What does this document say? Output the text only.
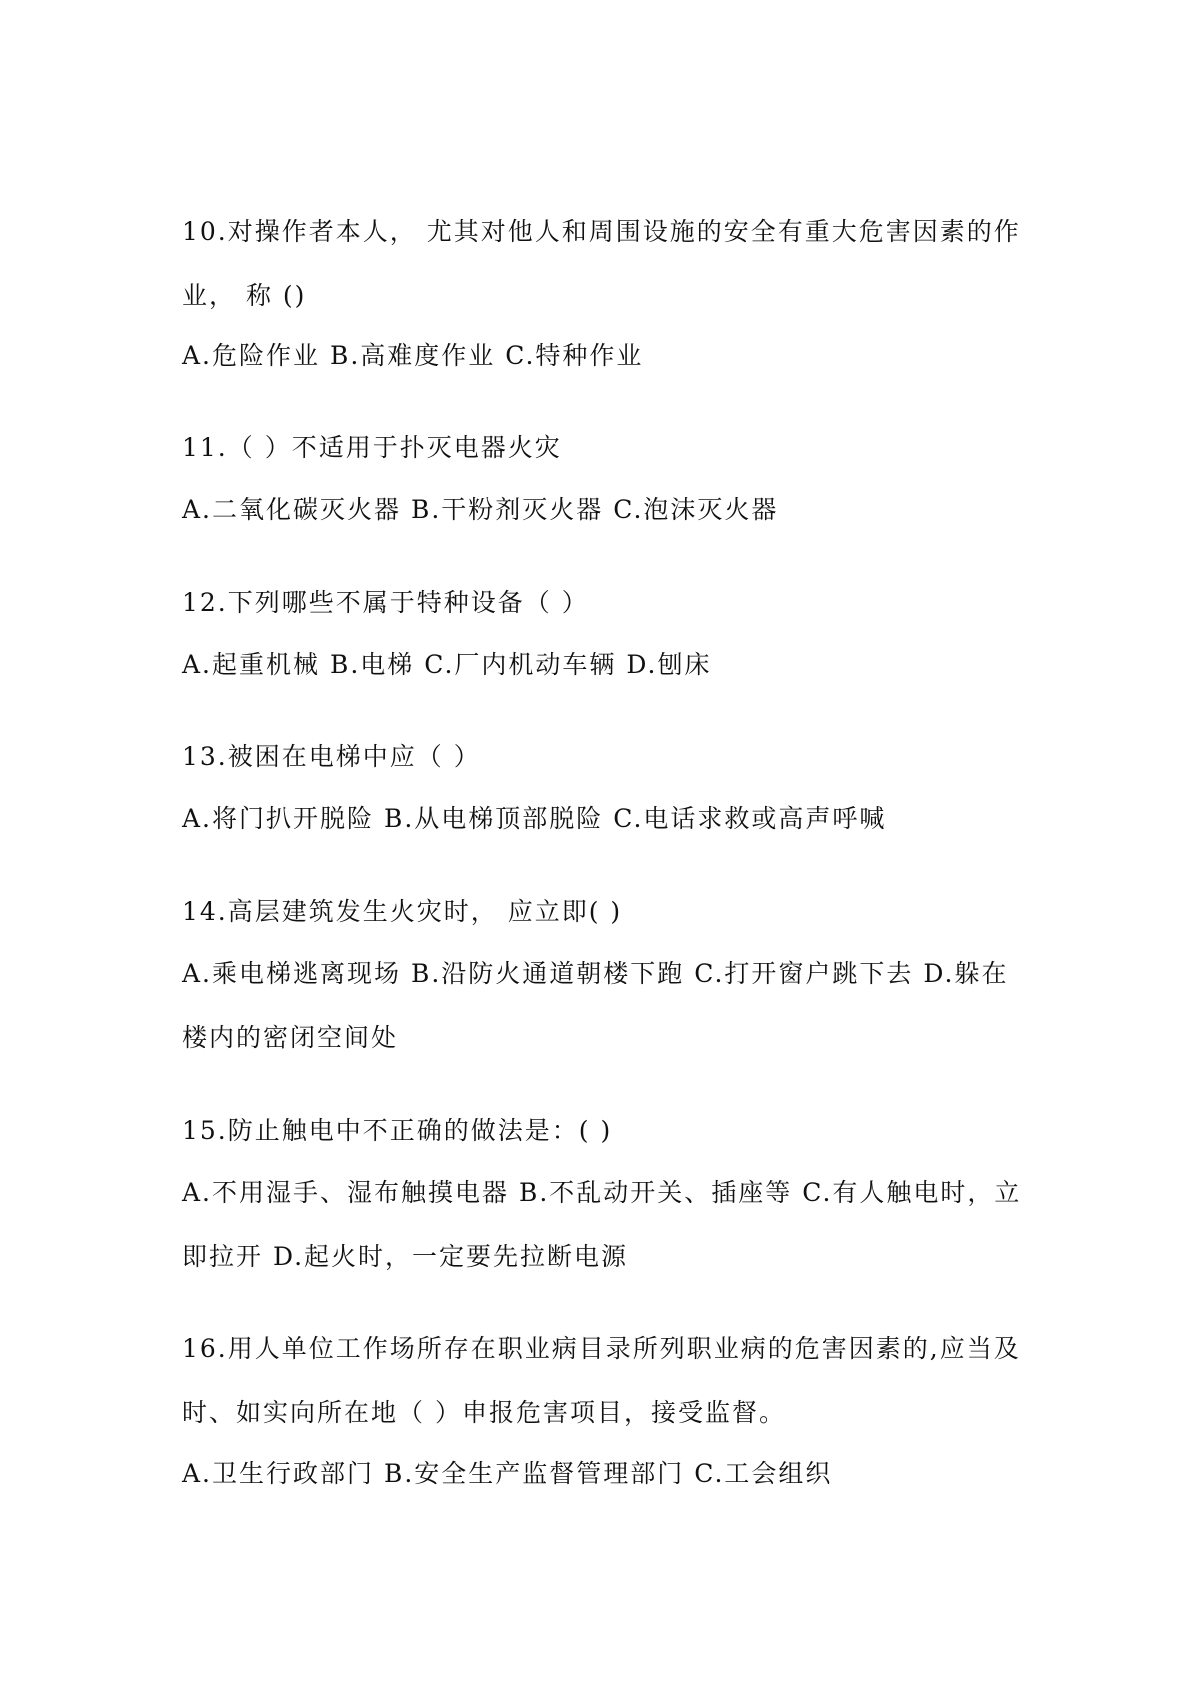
10.对操作者本人， 尤其对他人和周围设施的安全有重大危害因素的作
业， 称 ()
A.危险作业 B.高难度作业 C.特种作业
11.（ ）不适用于扑灭电器火灾
A.二氧化碳灭火器 B.干粉剂灭火器 C.泡沫灭火器
12.下列哪些不属于特种设备（ ）
A.起重机械 B.电梯 C.厂内机动车辆 D.刨床
13.被困在电梯中应（ ）
A.将门扒开脱险 B.从电梯顶部脱险 C.电话求救或高声呼喊
14.高层建筑发生火灾时， 应立即( )
A.乘电梯逃离现场 B.沿防火通道朝楼下跑 C.打开窗户跳下去 D.躲在
楼内的密闭空间处
15.防止触电中不正确的做法是：( )
A.不用湿手、湿布触摸电器 B.不乱动开关、插座等 C.有人触电时，立
即拉开 D.起火时，一定要先拉断电源
16.用人单位工作场所存在职业病目录所列职业病的危害因素的,应当及
时、如实向所在地（ ）申报危害项目，接受监督。
A.卫生行政部门 B.安全生产监督管理部门 C.工会组织
